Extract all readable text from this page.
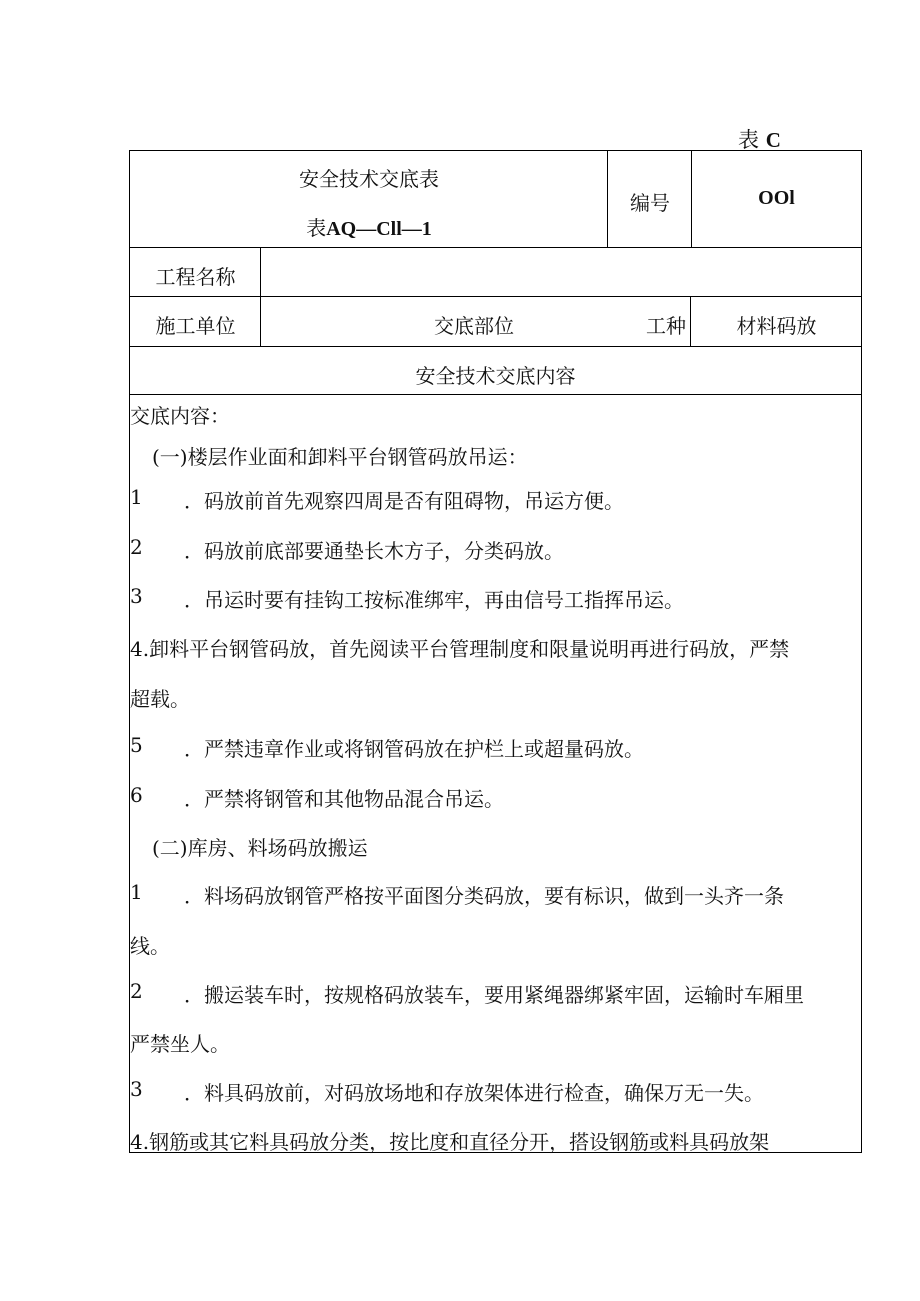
表 C
安全技术交底表
表AQ—Cll—1
编号	OOl
工程名称
施工单位	交底部位	工种	材料码放
安全技术交底内容
交底内容：
(一)楼层作业面和卸料平台钢管码放吊运：
1 ．码放前首先观察四周是否有阻碍物，吊运方便。
2 ．码放前底部要通垫长木方子，分类码放。
3 ．吊运时要有挂钩工按标准绑牢，再由信号工指挥吊运。
4.卸料平台钢管码放，首先阅读平台管理制度和限量说明再进行码放，严禁
超载。
5 ．严禁违章作业或将钢管码放在护栏上或超量码放。
6 ．严禁将钢管和其他物品混合吊运。
(二)库房、料场码放搬运
1 ．料场码放钢管严格按平面图分类码放，要有标识，做到一头齐一条
线。
2 ．搬运装车时，按规格码放装车，要用紧绳器绑紧牢固，运输时车厢里
严禁坐人。
3 ．料具码放前，对码放场地和存放架体进行检查，确保万无一失。
4.钢筋或其它料具码放分类，按比度和直径分开，搭设钢筋或料具码放架
